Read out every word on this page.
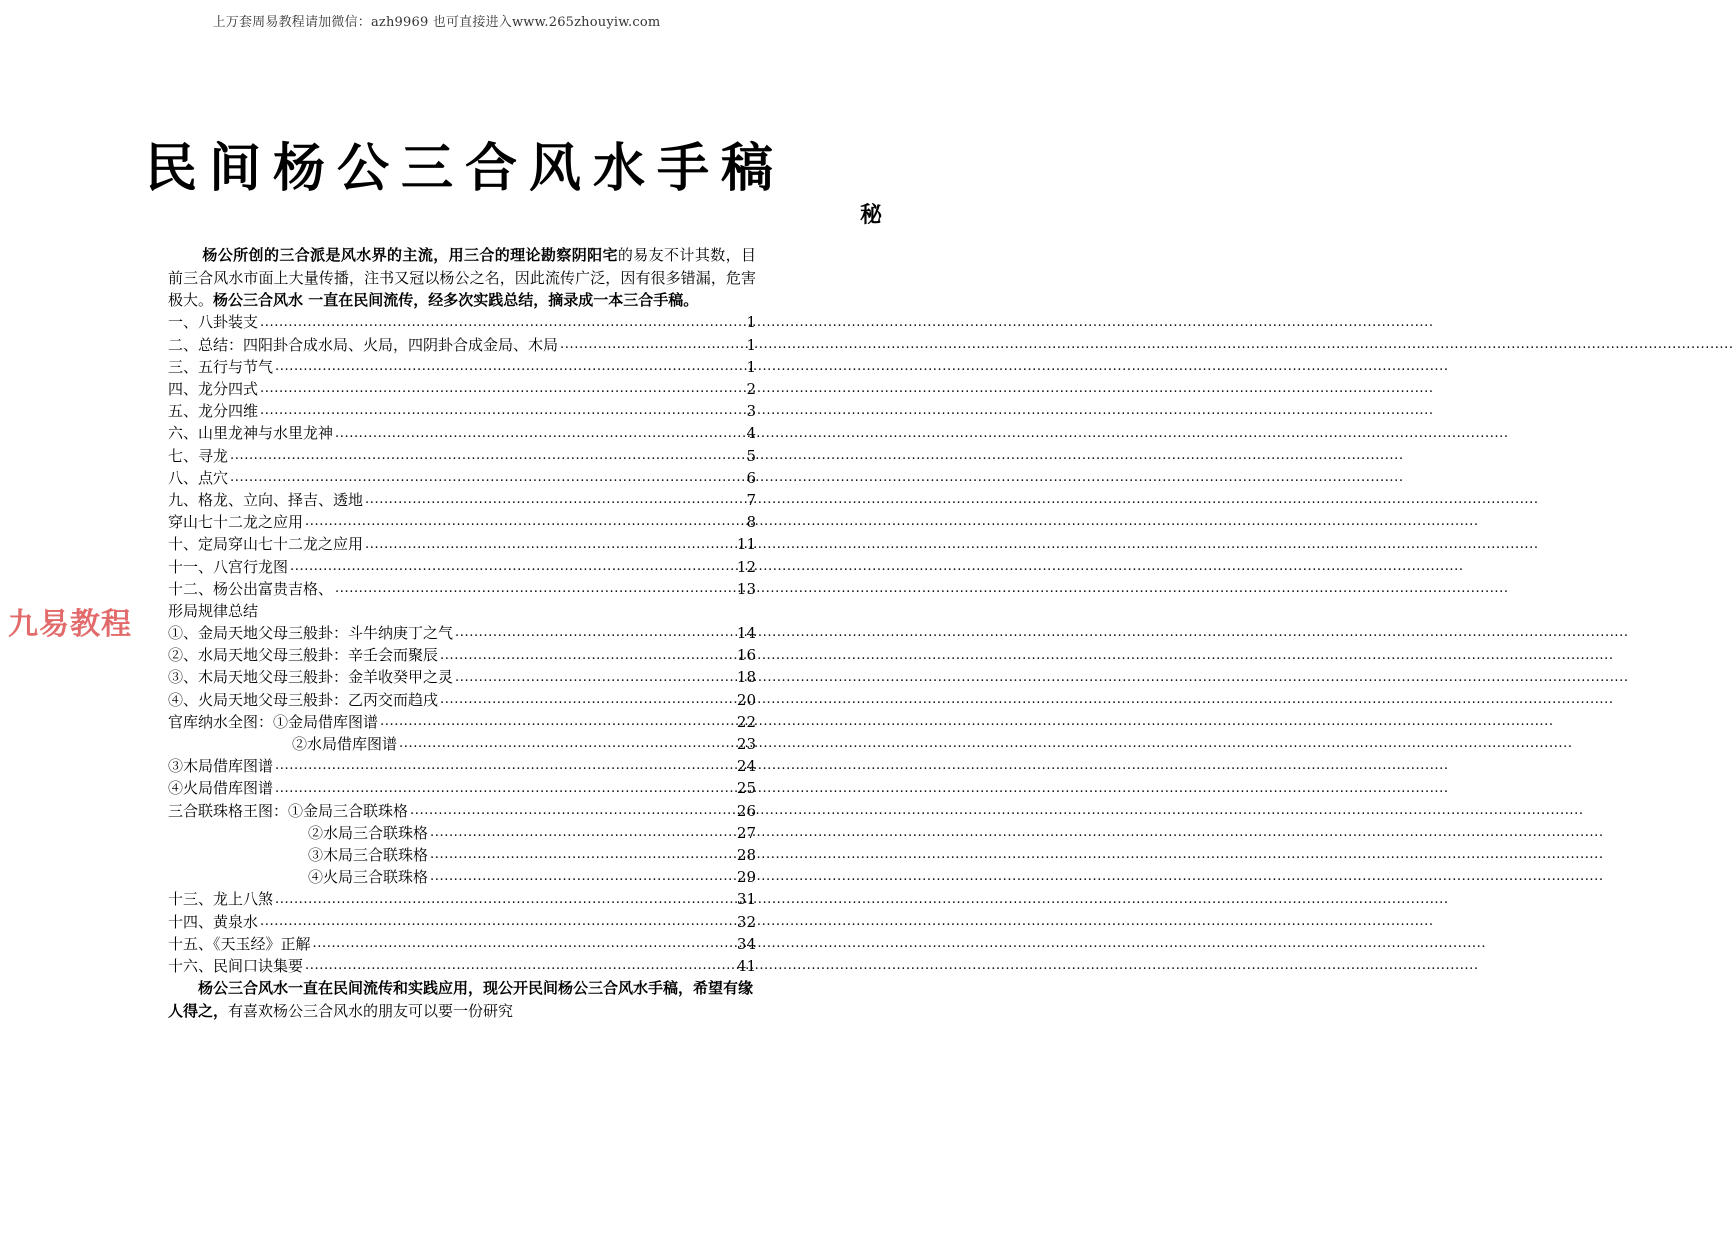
上万套周易教程请加微信：azh9969 也可直接进入www.265zhouyiw.com
民间杨公三合风水手稿
秘
九易教程

杨公所创的三合派是风水界的主流，用三合的理论勘察阴阳宅的易友不计其数，目前三合风水市面上大量传播，注书又冠以杨公之名，因此流传广泛，因有很多错漏，危害极大。杨公三合风水 一直在民间流传，经多次实践总结，摘录成一本三合手稿。

一、八卦装支 .....	1
二、总结：四阳卦合成水局、火局，四阴卦合成金局、木局 .....	1
三、五行与节气 .....	1
四、龙分四式 .....	2
五、龙分四维 .....	3
六、山里龙神与水里龙神 .....	4
七、寻龙 .....	5
八、点穴 .....	6
九、格龙、立向、择吉、透地 .....	7
穿山七十二龙之应用 .....	8
十、定局穿山七十二龙之应用 .....	11
十一、八宫行龙图 .....	12
十二、杨公出富贵吉格、 .....	13
形局规律总结
①、金局天地父母三般卦：斗牛纳庚丁之气 .....	14
②、水局天地父母三般卦：辛壬会而聚辰 .....	16
③、木局天地父母三般卦：金羊收癸甲之灵 .....	18
④、火局天地父母三般卦：乙丙交而趋戌 .....	20
官库纳水全图：①金局借库图谱 .....	22
②水局借库图谱 .....	23
③木局借库图谱 .....	24
④火局借库图谱 .....	25
三合联珠格王图：①金局三合联珠格 .....	26
②水局三合联珠格 .....	27
③木局三合联珠格 .....	28
④火局三合联珠格 .....	29
十三、龙上八煞 .....	31
十四、黄泉水 .....	32
十五、《天玉经》正解 .....	34
十六、民间口诀集要 .....	41

杨公三合风水一直在民间流传和实践应用，现公开民间杨公三合风水手稿，希望有缘人得之，有喜欢杨公三合风水的朋友可以要一份研究
